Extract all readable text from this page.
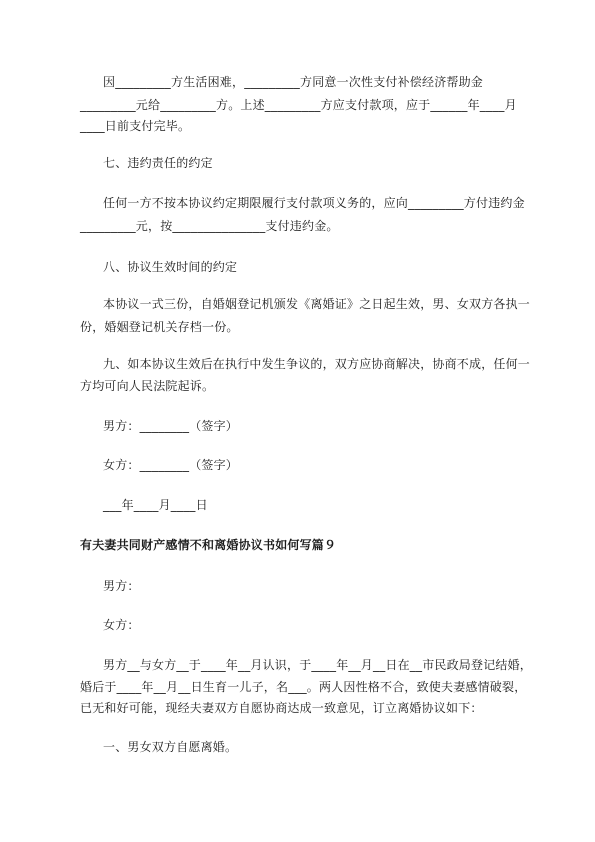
因_________方生活困难，_________方同意一次性支付补偿经济帮助金
_________元给_________方。上述_________方应支付款项，应于______年____月
____日前支付完毕。
七、违约责任的约定
任何一方不按本协议约定期限履行支付款项义务的，应向_________方付违约金
_________元，按_______________支付违约金。
八、协议生效时间的约定
本协议一式三份，自婚姻登记机颁发《离婚证》之日起生效，男、女双方各执一
份，婚姻登记机关存档一份。
九、如本协议生效后在执行中发生争议的，双方应协商解决，协商不成，任何一
方均可向人民法院起诉。
男方：________（签字）
女方：________（签字）
___年____月____日
有夫妻共同财产感情不和离婚协议书如何写篇９
男方：
女方：
男方__与女方__于____年__月认识，于____年__月__日在__市民政局登记结婚，
婚后于____年__月__日生育一儿子，名___。两人因性格不合，致使夫妻感情破裂，
已无和好可能，现经夫妻双方自愿协商达成一致意见，订立离婚协议如下：
一、男女双方自愿离婚。
